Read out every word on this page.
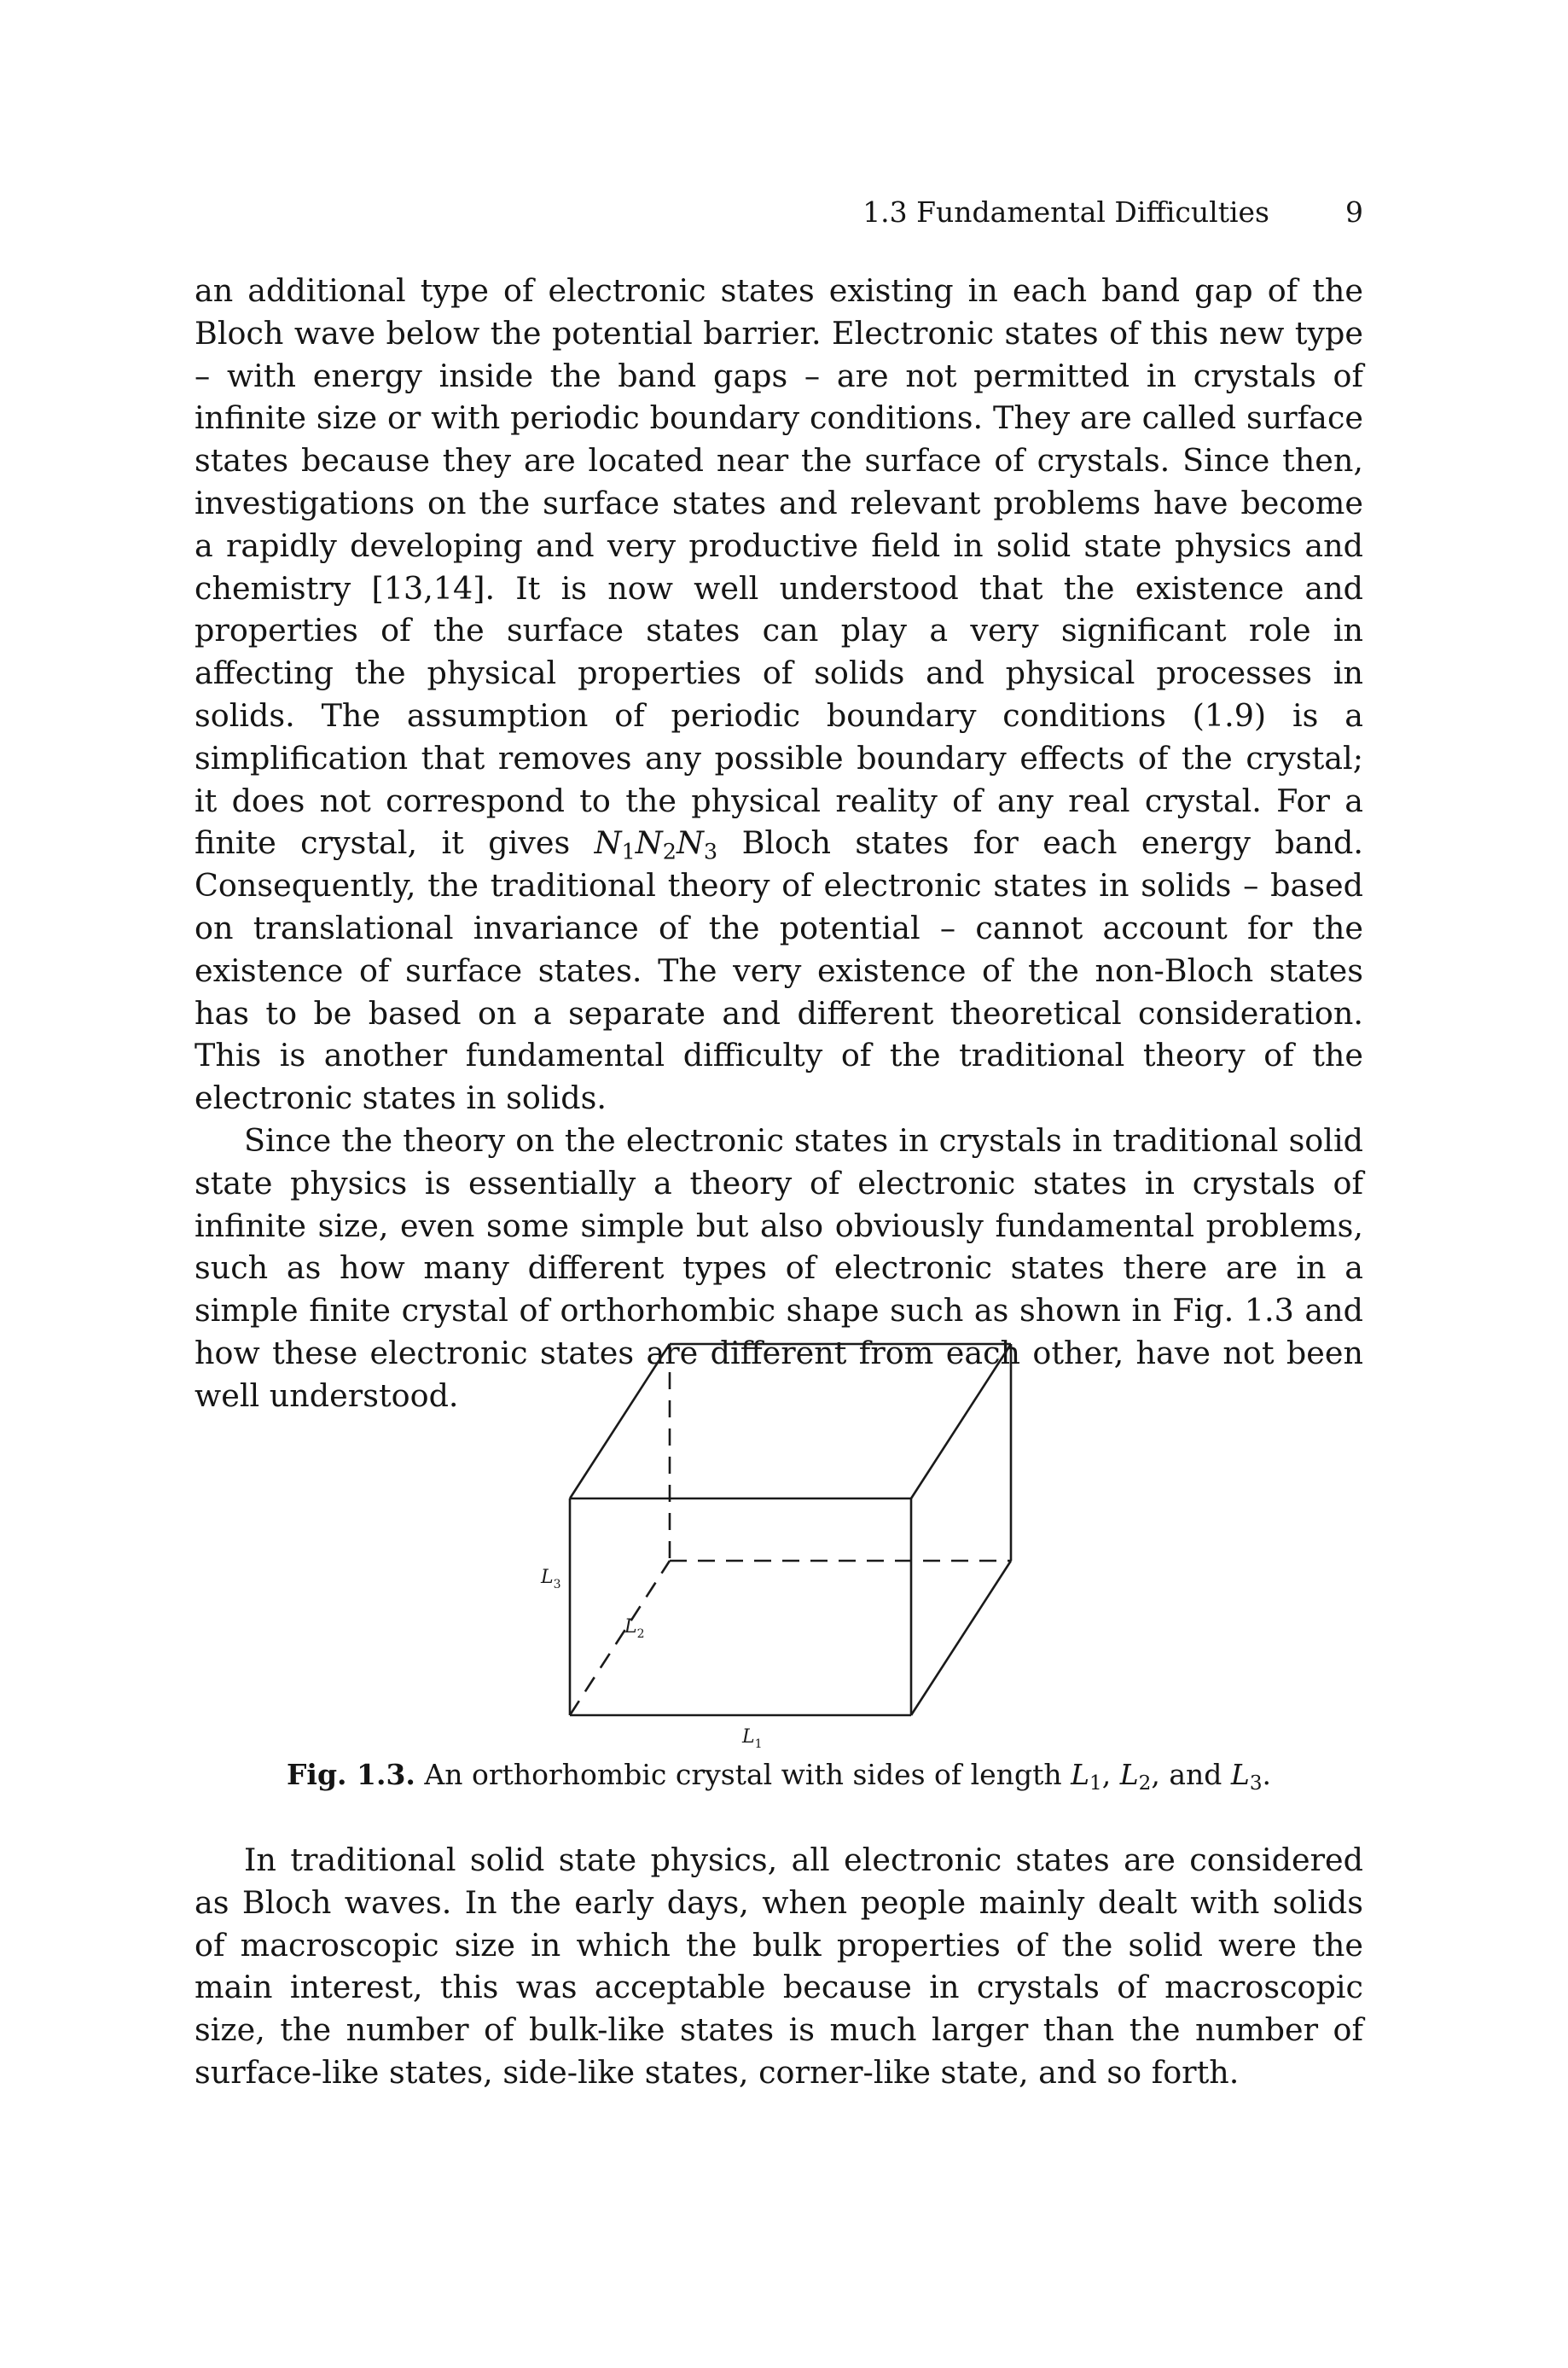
1.3 Fundamental Difficulties	9

an additional type of electronic states existing in each band gap of the Bloch wave below the potential barrier. Electronic states of this new type – with energy inside the band gaps – are not permitted in crystals of infinite size or with periodic boundary conditions. They are called surface states because they are located near the surface of crystals. Since then, investigations on the surface states and relevant problems have become a rapidly developing and very productive field in solid state physics and chemistry [13,14]. It is now well understood that the existence and properties of the surface states can play a very significant role in affecting the physical properties of solids and physical processes in solids. The assumption of periodic boundary conditions (1.9) is a simplification that removes any possible boundary effects of the crystal; it does not correspond to the physical reality of any real crystal. For a finite crystal, it gives $N_1N_2N_3$ Bloch states for each energy band. Consequently, the traditional theory of electronic states in solids – based on translational invariance of the potential – cannot account for the existence of surface states. The very existence of the non-Bloch states has to be based on a separate and different theoretical consideration. This is another fundamental difficulty of the traditional theory of the electronic states in solids.

Since the theory on the electronic states in crystals in traditional solid state physics is essentially a theory of electronic states in crystals of infinite size, even some simple but also obviously fundamental problems, such as how many different types of electronic states there are in a simple finite crystal of orthorhombic shape such as shown in Fig. 1.3 and how these electronic states are different from each other, have not been well understood.

$L_3$
$L_2$
$L_1$
Fig. 1.3. An orthorhombic crystal with sides of length $L_1$, $L_2$, and $L_3$.

In traditional solid state physics, all electronic states are considered as Bloch waves. In the early days, when people mainly dealt with solids of macroscopic size in which the bulk properties of the solid were the main interest, this was acceptable because in crystals of macroscopic size, the number of bulk-like states is much larger than the number of surface-like states, side-like states, corner-like state, and so forth.
